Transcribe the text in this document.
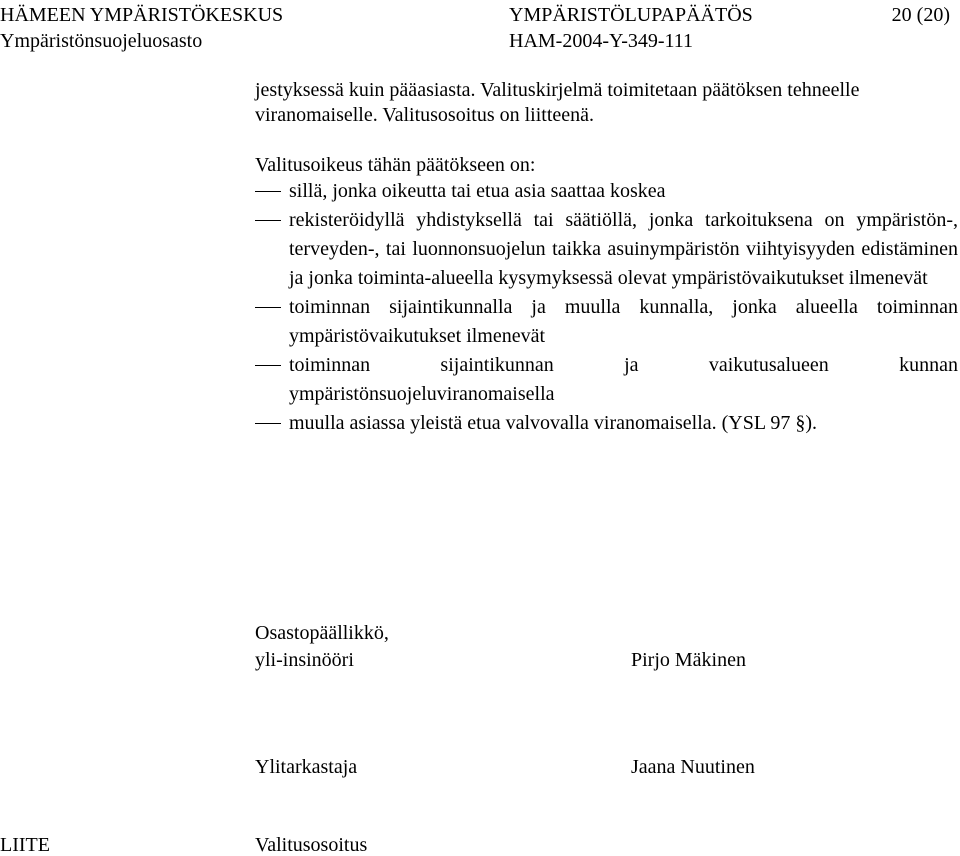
HÄMEEN YMPÄRISTÖKESKUS	YMPÄRISTÖLUPAPÄÄTÖS	20 (20)
Ympäristönsuojeluosasto	HAM-2004-Y-349-111
jestyksessä kuin pääasiasta. Valituskirjelmä toimitetaan päätöksen tehneelle
viranomaiselle. Valitusosoitus on liitteenä.
Valitusoikeus tähän päätökseen on:
sillä, jonka oikeutta tai etua asia saattaa koskea
rekisteröidyllä yhdistyksellä tai säätiöllä, jonka tarkoituksena on ympäristön-, terveyden-, tai luonnonsuojelun taikka asuinympäristön viihtyisyyden edistäminen ja jonka toiminta-alueella kysymyksessä olevat ympäristövaikutukset ilmenevät
toiminnan sijaintikunnalla ja muulla kunnalla, jonka alueella toiminnan ympäristövaikutukset ilmenevät
toiminnan sijaintikunnan ja vaikutusalueen kunnan ympäristönsuojeluviranomaisella
muulla asiassa yleistä etua valvovalla viranomaisella. (YSL 97 §).
Osastopäällikkö,
yli-insinööri	Pirjo Mäkinen
Ylitarkastaja	Jaana Nuutinen
LIITE	Valitusosoitus
